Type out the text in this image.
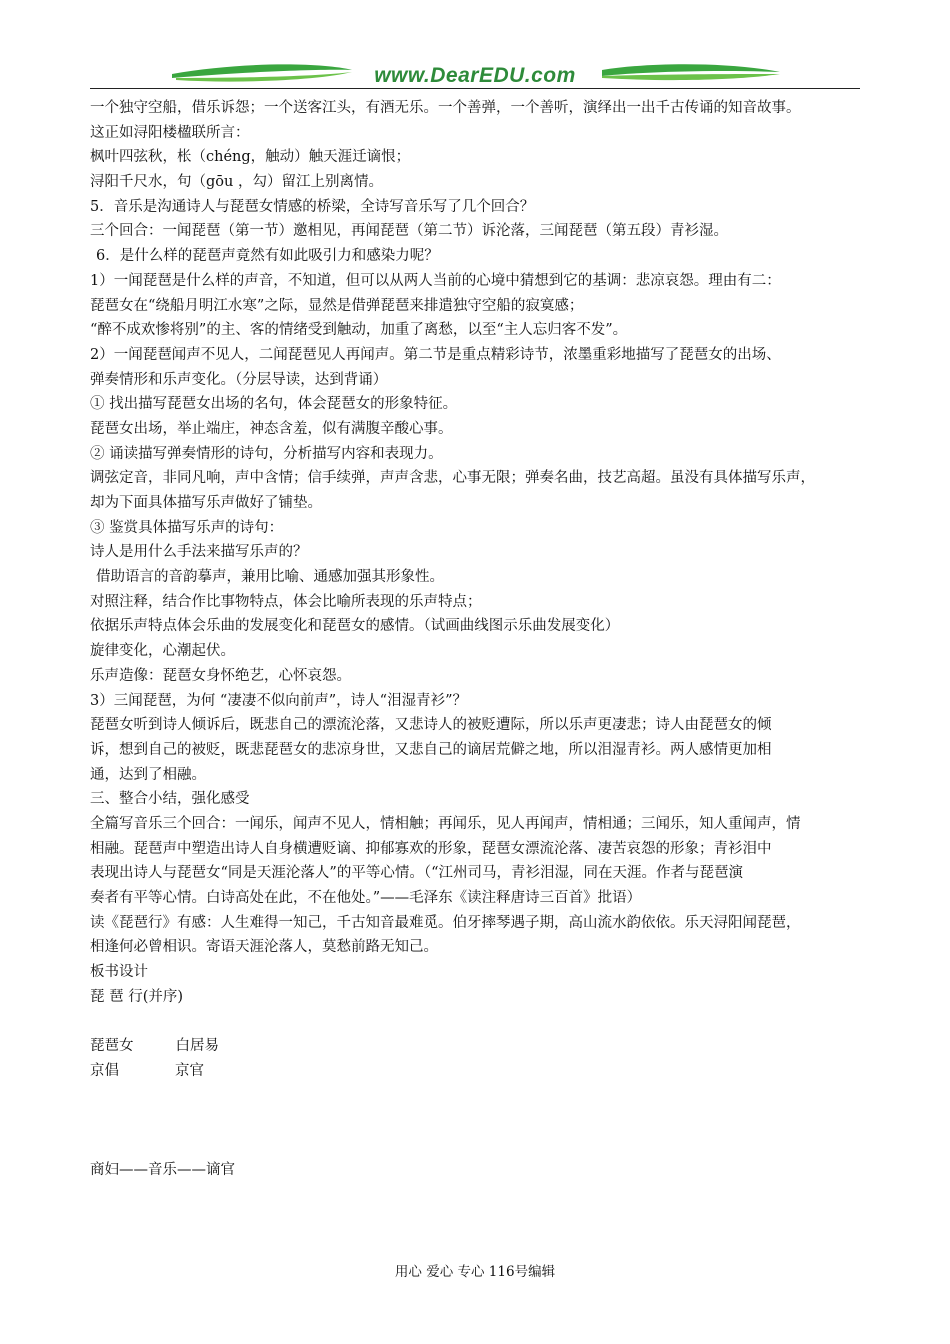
www.DearEDU.com
一个独守空船，借乐诉怨；一个送客江头，有酒无乐。一个善弹，一个善听，演绎出一出千古传诵的知音故事。
这正如浔阳楼楹联所言：
枫叶四弦秋，枨（chéng，触动）触天涯迁谪恨；
浔阳千尺水，句（gōu ，勾）留江上别离情。
5．音乐是沟通诗人与琵琶女情感的桥梁，全诗写音乐写了几个回合？
三个回合：一闻琵琶（第一节）邀相见，再闻琵琶（第二节）诉沦落，三闻琵琶（第五段）青衫湿。
6．是什么样的琵琶声竟然有如此吸引力和感染力呢？
1）一闻琵琶是什么样的声音，不知道，但可以从两人当前的心境中猜想到它的基调：悲凉哀怨。理由有二：
琵琶女在“绕船月明江水寒”之际，显然是借弹琵琶来排遣独守空船的寂寞感；
“醉不成欢惨将别”的主、客的情绪受到触动，加重了离愁，以至“主人忘归客不发”。
2）一闻琵琶闻声不见人，二闻琵琶见人再闻声。第二节是重点精彩诗节，浓墨重彩地描写了琵琶女的出场、
弹奏情形和乐声变化。（分层导读，达到背诵）
① 找出描写琵琶女出场的名句，体会琵琶女的形象特征。
琵琶女出场，举止端庄，神态含羞，似有满腹辛酸心事。
② 诵读描写弹奏情形的诗句，分析描写内容和表现力。
调弦定音，非同凡响，声中含情；信手续弹，声声含悲，心事无限；弹奏名曲，技艺高超。虽没有具体描写乐声，
却为下面具体描写乐声做好了铺垫。
③ 鉴赏具体描写乐声的诗句：
诗人是用什么手法来描写乐声的？
借助语言的音韵摹声，兼用比喻、通感加强其形象性。
对照注释，结合作比事物特点，体会比喻所表现的乐声特点；
依据乐声特点体会乐曲的发展变化和琵琶女的感情。（试画曲线图示乐曲发展变化）
旋律变化，心潮起伏。
乐声造像：琵琶女身怀绝艺，心怀哀怨。
3）三闻琵琶，为何 “凄凄不似向前声”，诗人“泪湿青衫”？
琵琶女听到诗人倾诉后，既悲自己的漂流沦落，又悲诗人的被贬遭际，所以乐声更凄悲；诗人由琵琶女的倾
诉，想到自己的被贬，既悲琵琶女的悲凉身世，又悲自己的谪居荒僻之地，所以泪湿青衫。两人感情更加相
通，达到了相融。
三、整合小结，强化感受
全篇写音乐三个回合：一闻乐，闻声不见人，情相触；再闻乐，见人再闻声，情相通；三闻乐，知人重闻声，情
相融。琵琶声中塑造出诗人自身横遭贬谪、抑郁寡欢的形象，琵琶女漂流沦落、凄苦哀怨的形象；青衫泪中
表现出诗人与琵琶女“同是天涯沦落人”的平等心情。（“江州司马，青衫泪湿，同在天涯。作者与琵琶演
奏者有平等心情。白诗高处在此，不在他处。”——毛泽东《读注释唐诗三百首》批语）
读《琵琶行》有感：人生难得一知己，千古知音最难觅。伯牙摔琴遇子期，高山流水韵依依。乐天浔阳闻琵琶，
相逢何必曾相识。寄语天涯沦落人，莫愁前路无知己。
板书设计
琵 琶 行(并序)
琵琶女	白居易
京倡	京官
商妇——音乐——谪官
用心 爱心 专心 116号编辑
